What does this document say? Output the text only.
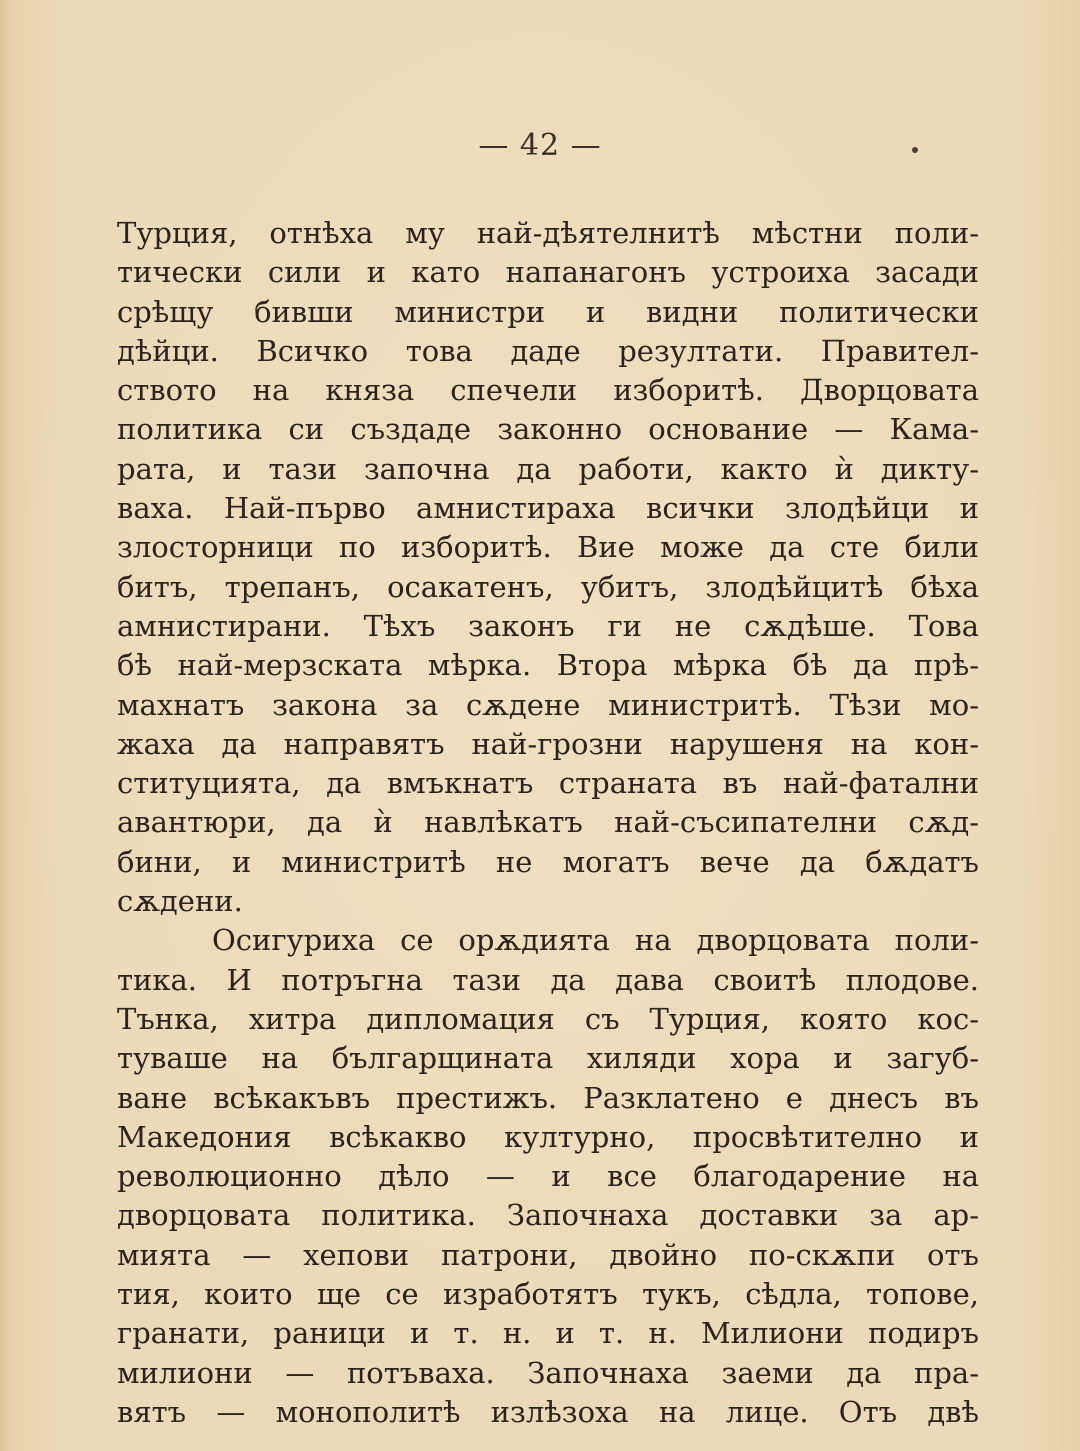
— 42 —
Турция, отнѣха му най-дѣятелнитѣ мѣстни поли-
тически сили и като напанагонъ устроиха засади
срѣщу бивши министри и видни политически
дѣйци. Всичко това даде резултати. Правител-
ството на княза спечели изборитѣ. Дворцовата
политика си създаде законно основание — Кама-
рата, и тази започна да работи, както ѝ дикту-
ваха. Най-първо амнистираха всички злодѣйци и
злосторници по изборитѣ. Вие може да сте били
битъ, трепанъ, осакатенъ, убитъ, злодѣйцитѣ бѣха
амнистирани. Тѣхъ законъ ги не сѫдѣше. Това
бѣ най-мерзската мѣрка. Втора мѣрка бѣ да прѣ-
махнатъ закона за сѫдене министритѣ. Тѣзи мо-
жаха да направятъ най-грозни нарушеня на кон-
ституцията, да вмъкнатъ страната въ най-фатални
авантюри, да ѝ навлѣкатъ най-съсипателни сѫд-
бини, и министритѣ не могатъ вече да бѫдатъ
сѫдени.
Осигуриха се орѫдията на дворцовата поли-
тика. И потръгна тази да дава своитѣ плодове.
Тънка, хитра дипломация съ Турция, която кос-
туваше на българщината хиляди хора и загуб-
ване всѣкакъвъ престижъ. Разклатено е днесъ въ
Македония всѣкакво културно, просвѣтително и
революционно дѣло — и все благодарение на
дворцовата политика. Започнаха доставки за ар-
мията — хепови патрони, двойно по-скѫпи отъ
тия, които ще се изработятъ тукъ, сѣдла, топове,
гранати, раници и т. н. и т. н. Милиони подиръ
милиони — потъваха. Започнаха заеми да пра-
вятъ — монополитѣ излѣзоха на лице. Отъ двѣ
